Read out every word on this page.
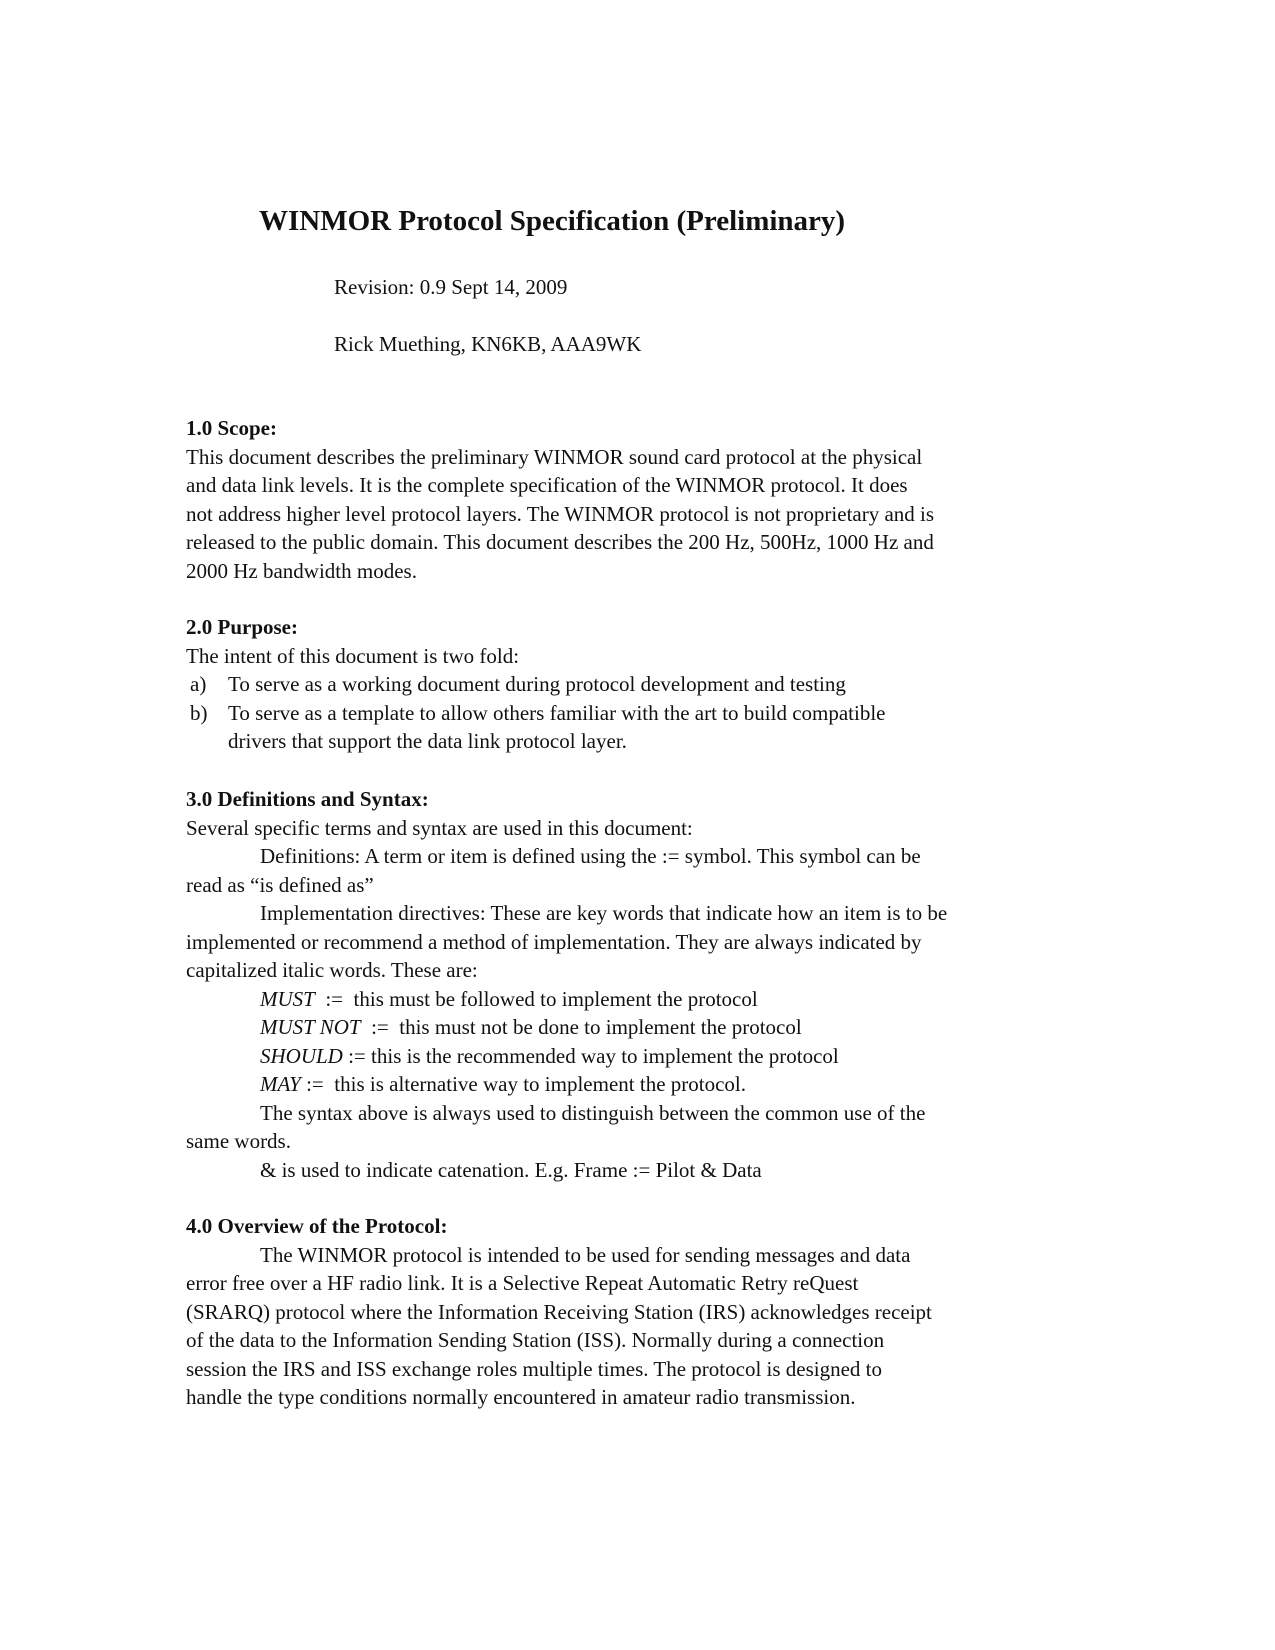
WINMOR Protocol Specification (Preliminary)
Revision: 0.9 Sept 14, 2009
Rick Muething, KN6KB, AAA9WK
1.0 Scope:
This document describes the preliminary WINMOR sound card protocol at the physical
and data link levels. It is the complete specification of the WINMOR protocol. It does
not address higher level protocol layers. The WINMOR protocol is not proprietary and is
released to the public domain. This document describes the 200 Hz, 500Hz, 1000 Hz and
2000 Hz bandwidth modes.
2.0 Purpose:
The intent of this document is two fold:
a)	To serve as a working document during protocol development and testing
b) To serve as a template to allow others familiar with the art to build compatible
drivers that support the data link protocol layer.
3.0 Definitions and Syntax:
Several specific terms and syntax are used in this document:
Definitions: A term or item is defined using the := symbol. This symbol can be
read as “is defined as”
Implementation directives: These are key words that indicate how an item is to be
implemented or recommend a method of implementation. They are always indicated by
capitalized italic words. These are:
MUST  :=  this must be followed to implement the protocol
MUST NOT  :=  this must not be done to implement the protocol
SHOULD := this is the recommended way to implement the protocol
MAY :=  this is alternative way to implement the protocol.
The syntax above is always used to distinguish between the common use of the
same words.
& is used to indicate catenation. E.g. Frame := Pilot & Data
4.0 Overview of the Protocol:
The WINMOR protocol is intended to be used for sending messages and data
error free over a HF radio link. It is a Selective Repeat Automatic Retry reQuest
(SRARQ) protocol where the Information Receiving Station (IRS) acknowledges receipt
of the data to the Information Sending Station (ISS). Normally during a connection
session the IRS and ISS exchange roles multiple times. The protocol is designed to
handle the type conditions normally encountered in amateur radio transmission.
